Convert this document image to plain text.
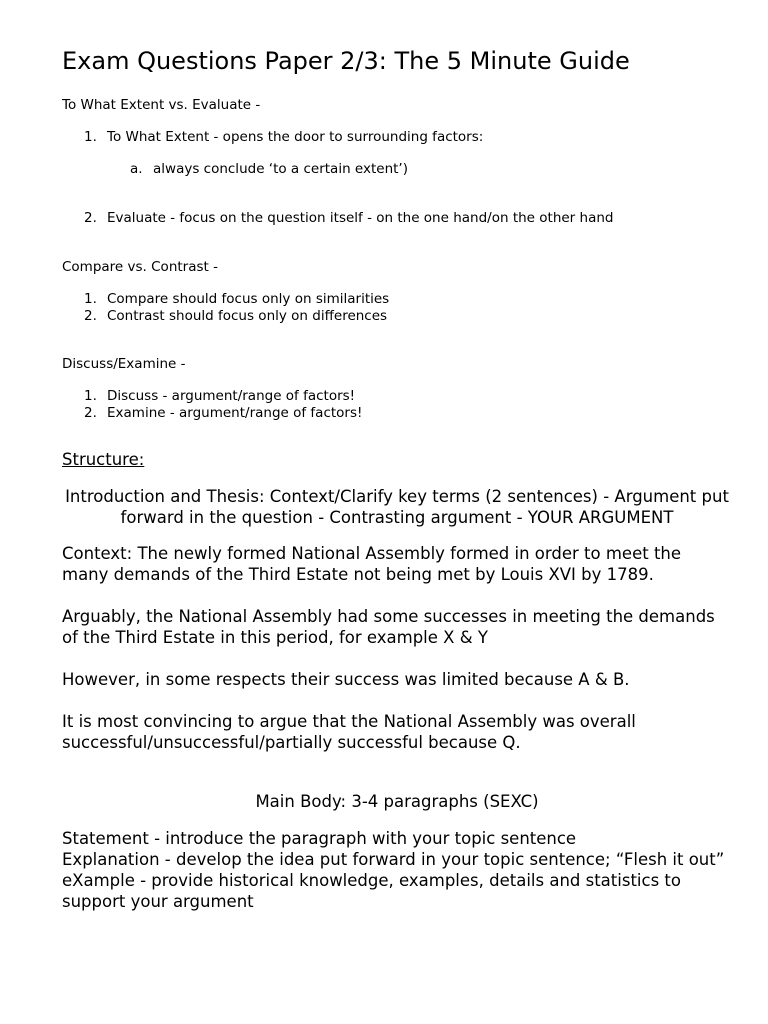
Exam Questions Paper 2/3: The 5 Minute Guide

To What Extent vs. Evaluate -

1. To What Extent - opens the door to surrounding factors:
a. always conclude ‘to a certain extent’)
2. Evaluate - focus on the question itself - on the one hand/on the other hand

Compare vs. Contrast -

1. Compare should focus only on similarities
2. Contrast should focus only on differences

Discuss/Examine -

1. Discuss - argument/range of factors!
2. Examine - argument/range of factors!

Structure:

Introduction and Thesis: Context/Clarify key terms (2 sentences) - Argument put forward in the question - Contrasting argument - YOUR ARGUMENT

Context: The newly formed National Assembly formed in order to meet the many demands of the Third Estate not being met by Louis XVI by 1789.

Arguably, the National Assembly had some successes in meeting the demands of the Third Estate in this period, for example X & Y

However, in some respects their success was limited because A & B.

It is most convincing to argue that the National Assembly was overall successful/unsuccessful/partially successful because Q.

Main Body: 3-4 paragraphs (SEXC)

Statement - introduce the paragraph with your topic sentence

Explanation - develop the idea put forward in your topic sentence; “Flesh it out”

eXample - provide historical knowledge, examples, details and statistics to support your argument
